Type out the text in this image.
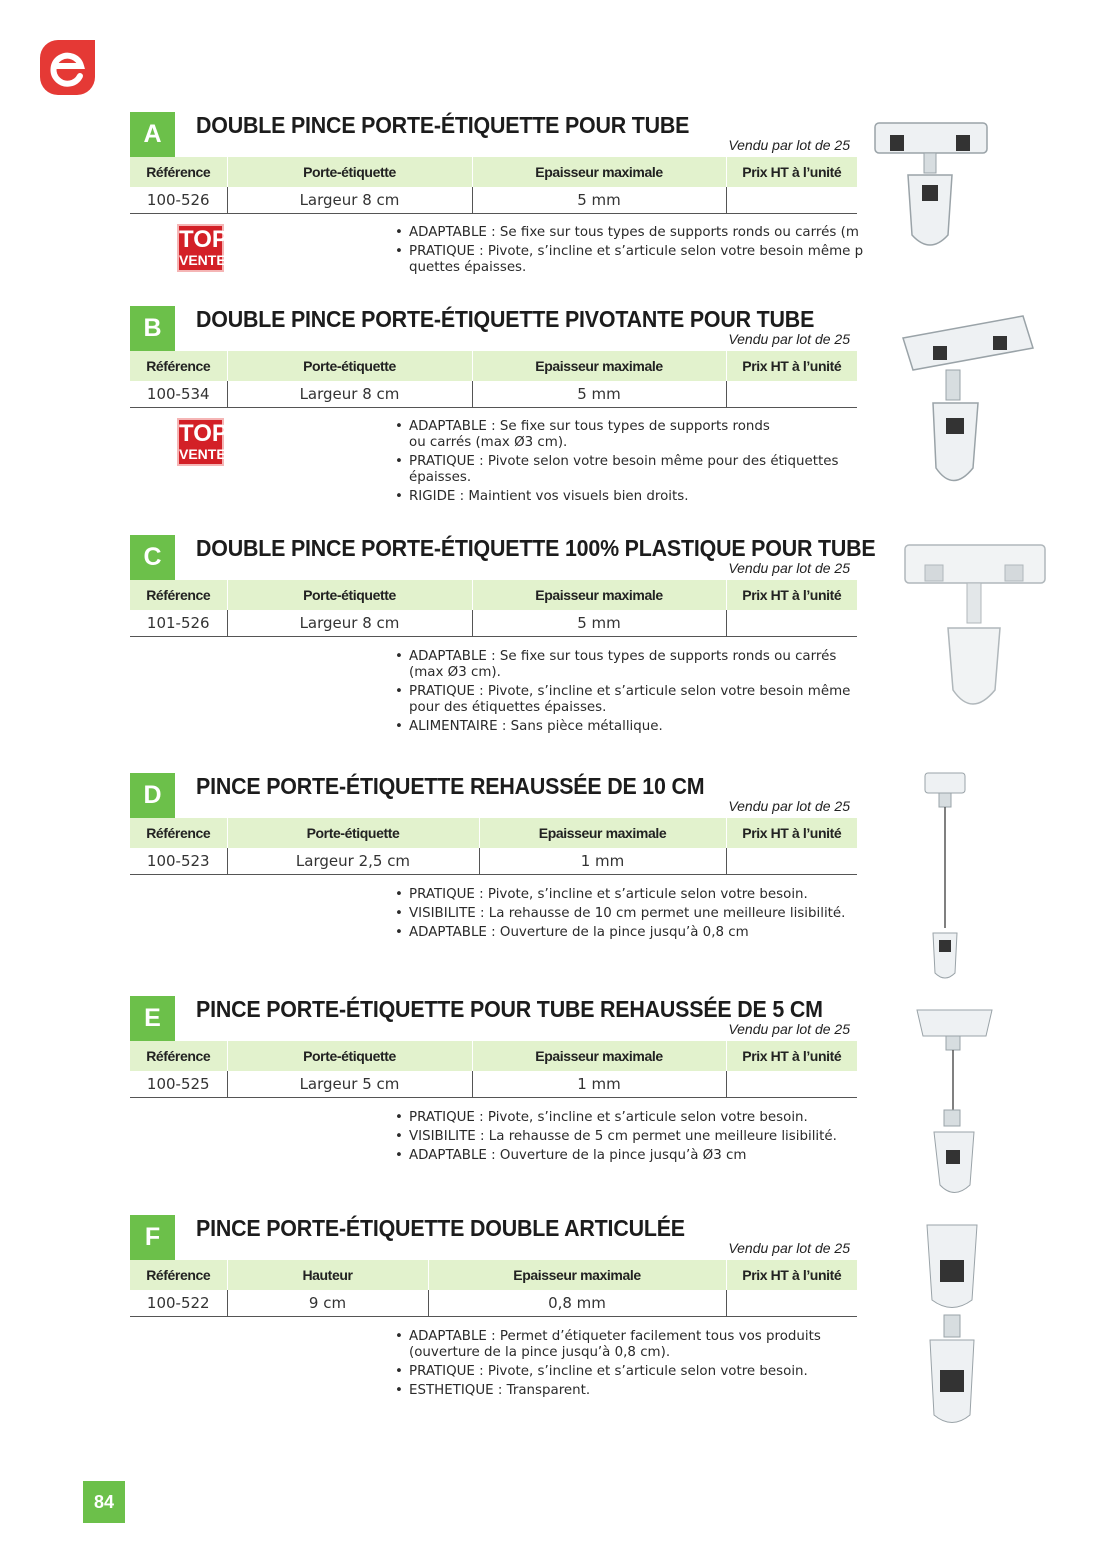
A	DOUBLE PINCE PORTE-ÉTIQUETTE POUR TUBE
Vendu par lot de 25
Référence	Porte-étiquette	Epaisseur maximale	Prix HT à l’unité
100-526	Largeur 8 cm	5 mm	
TOP
VENTE
• ADAPTABLE : Se fixe sur tous types de supports ronds ou carrés (m
• PRATIQUE : Pivote, s’incline et s’articule selon votre besoin même p
quettes épaisses.
B	DOUBLE PINCE PORTE-ÉTIQUETTE PIVOTANTE POUR TUBE
Vendu par lot de 25
Référence	Porte-étiquette	Epaisseur maximale	Prix HT à l’unité
100-534	Largeur 8 cm	5 mm	
TOP
VENTE
• ADAPTABLE : Se fixe sur tous types de supports ronds
ou carrés (max Ø3 cm).
• PRATIQUE : Pivote selon votre besoin même pour des étiquettes épaisses.
• RIGIDE : Maintient vos visuels bien droits.
C	DOUBLE PINCE PORTE-ÉTIQUETTE 100% PLASTIQUE POUR TUBE
Vendu par lot de 25
Référence	Porte-étiquette	Epaisseur maximale	Prix HT à l’unité
101-526	Largeur 8 cm	5 mm	
• ADAPTABLE : Se fixe sur tous types de supports ronds ou carrés
(max Ø3 cm).
• PRATIQUE : Pivote, s’incline et s’articule selon votre besoin même
pour des étiquettes épaisses.
• ALIMENTAIRE : Sans pièce métallique.
D	PINCE PORTE-ÉTIQUETTE REHAUSSÉE DE 10 CM
Vendu par lot de 25
Référence	Porte-étiquette	Epaisseur maximale	Prix HT à l’unité
100-523	Largeur 2,5 cm	1 mm	
• PRATIQUE : Pivote, s’incline et s’articule selon votre besoin.
• VISIBILITE : La rehausse de 10 cm permet une meilleure lisibilité.
• ADAPTABLE : Ouverture de la pince jusqu’à 0,8 cm
E	PINCE PORTE-ÉTIQUETTE POUR TUBE REHAUSSÉE DE 5 CM
Vendu par lot de 25
Référence	Porte-étiquette	Epaisseur maximale	Prix HT à l’unité
100-525	Largeur 5 cm	1 mm	
• PRATIQUE : Pivote, s’incline et s’articule selon votre besoin.
• VISIBILITE : La rehausse de 5 cm permet une meilleure lisibilité.
• ADAPTABLE : Ouverture de la pince jusqu’à Ø3 cm
F	PINCE PORTE-ÉTIQUETTE DOUBLE ARTICULÉE
Vendu par lot de 25
Référence	Hauteur	Epaisseur maximale	Prix HT à l’unité
100-522	9 cm	0,8 mm	
• ADAPTABLE : Permet d’étiqueter facilement tous vos produits
(ouverture de la pince jusqu’à 0,8 cm).
• PRATIQUE : Pivote, s’incline et s’articule selon votre besoin.
• ESTHETIQUE : Transparent.
84
